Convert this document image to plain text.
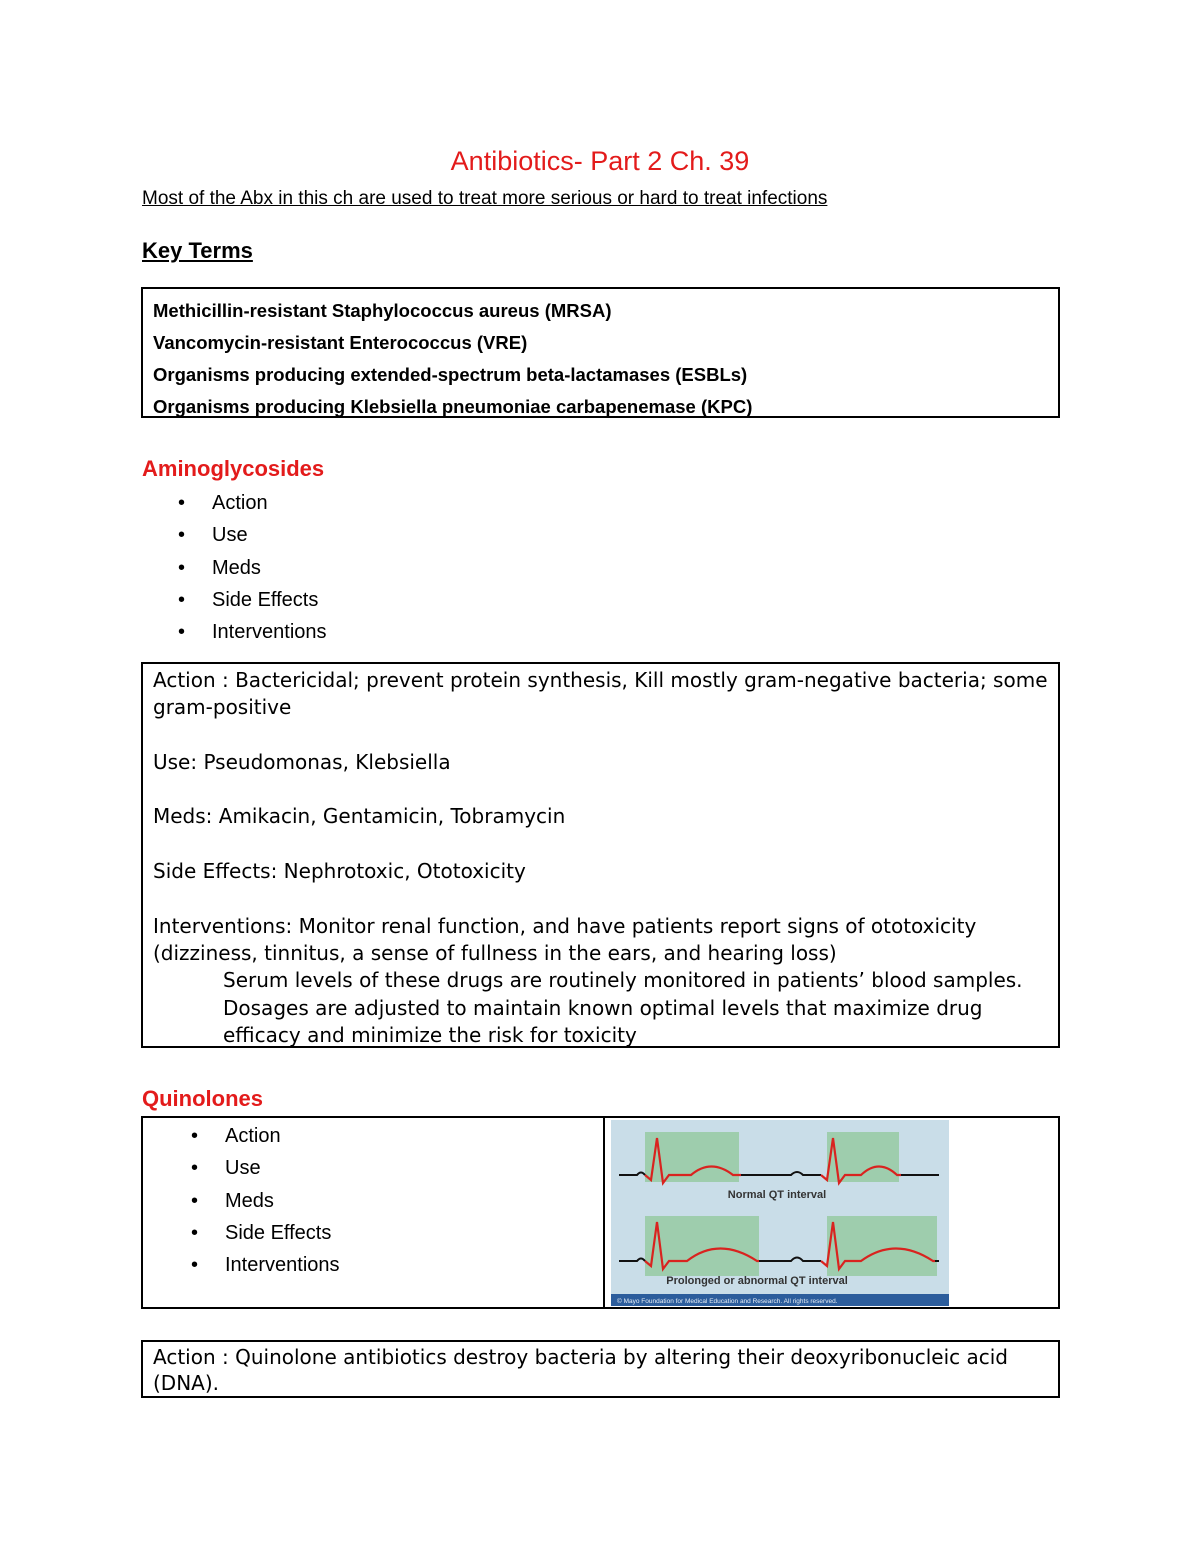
Antibiotics- Part 2 Ch. 39

Most of the Abx in this ch are used to treat more serious or hard to treat infections

Key Terms
Methicillin-resistant Staphylococcus aureus (MRSA)
Vancomycin-resistant Enterococcus (VRE)
Organisms producing extended-spectrum beta-lactamases (ESBLs)
Organisms producing Klebsiella pneumoniae carbapenemase (KPC)
Aminoglycosides
• Action
• Use
• Meds
• Side Effects
• Interventions

Action : Bactericidal; prevent protein synthesis, Kill mostly gram-negative bacteria; some gram-positive

Use: Pseudomonas, Klebsiella

Meds: Amikacin, Gentamicin, Tobramycin

Side Effects: Nephrotoxic, Ototoxicity

Interventions: Monitor renal function, and have patients report signs of ototoxicity (dizziness, tinnitus, a sense of fullness in the ears, and hearing loss)

Serum levels of these drugs are routinely monitored in patients’ blood samples. Dosages are adjusted to maintain known optimal levels that maximize drug efficacy and minimize the risk for toxicity

Quinolones
• Action
• Use
• Meds
• Side Effects
• Interventions
Normal QT interval
Prolonged or abnormal QT interval
© Mayo Foundation for Medical Education and Research. All rights reserved.

Action : Quinolone antibiotics destroy bacteria by altering their deoxyribonucleic acid (DNA).
